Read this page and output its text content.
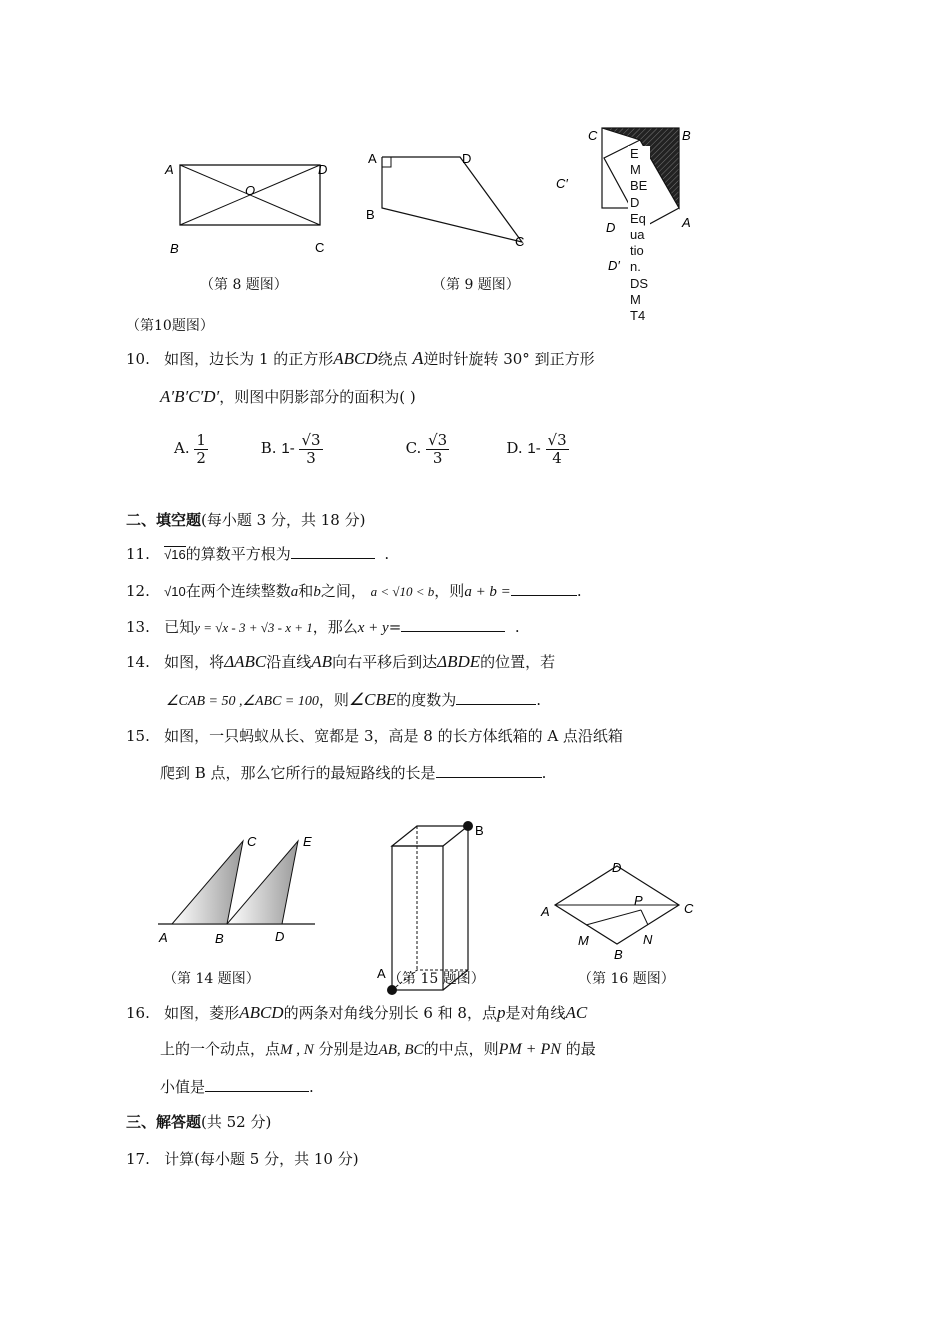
A	D
B	C
O
（第 8 题图）
A	D
B
C
（第 9 题图）
C	B
C′
D
D′
A
E
M
BE
D
Eq
ua
tio
n.
DS
M
T4
（第10题图）
10. 如图，边长为 1 的正方形ABCD绕点 A逆时针旋转 30° 到正方形
A′B′C′D′，则图中阴影部分的面积为( )
A. $\frac{1}{2}$	B. $1- \frac{√3}{3}$	C. $\frac{√3}{3}$	D. $1- \frac{√3}{4}$
二、填空题(每小题 3 分，共 18 分)
11. √16的算数平方根为	.
12. √10在两个连续整数a和b之间， a < √10 < b，则a + b =	.
13. 已知y = √x - 3 + √3 - x + 1，那么x + y=	.
14. 如图，将ΔABC沿直线AB向右平移后到达ΔBDE的位置，若
∠CAB = 50 ,∠ABC = 100，则∠CBE的度数为	.
15. 如图，一只蚂蚁从长、宽都是 3，高是 8 的长方体纸箱的 A 点沿纸箱
爬到 B 点，那么它所行的最短路线的长是	.
C	E
A	B	D
（第 14 题图）
B
A （第 15 题图）
D
A
P
C
M	N
B
（第 16 题图）
16. 如图，菱形ABCD的两条对角线分别长 6 和 8，点p是对角线AC
上的一个动点，点M , N 分别是边AB, BC的中点，则PM + PN 的最
小值是	.
三、解答题(共 52 分)
17. 计算(每小题 5 分，共 10 分)
